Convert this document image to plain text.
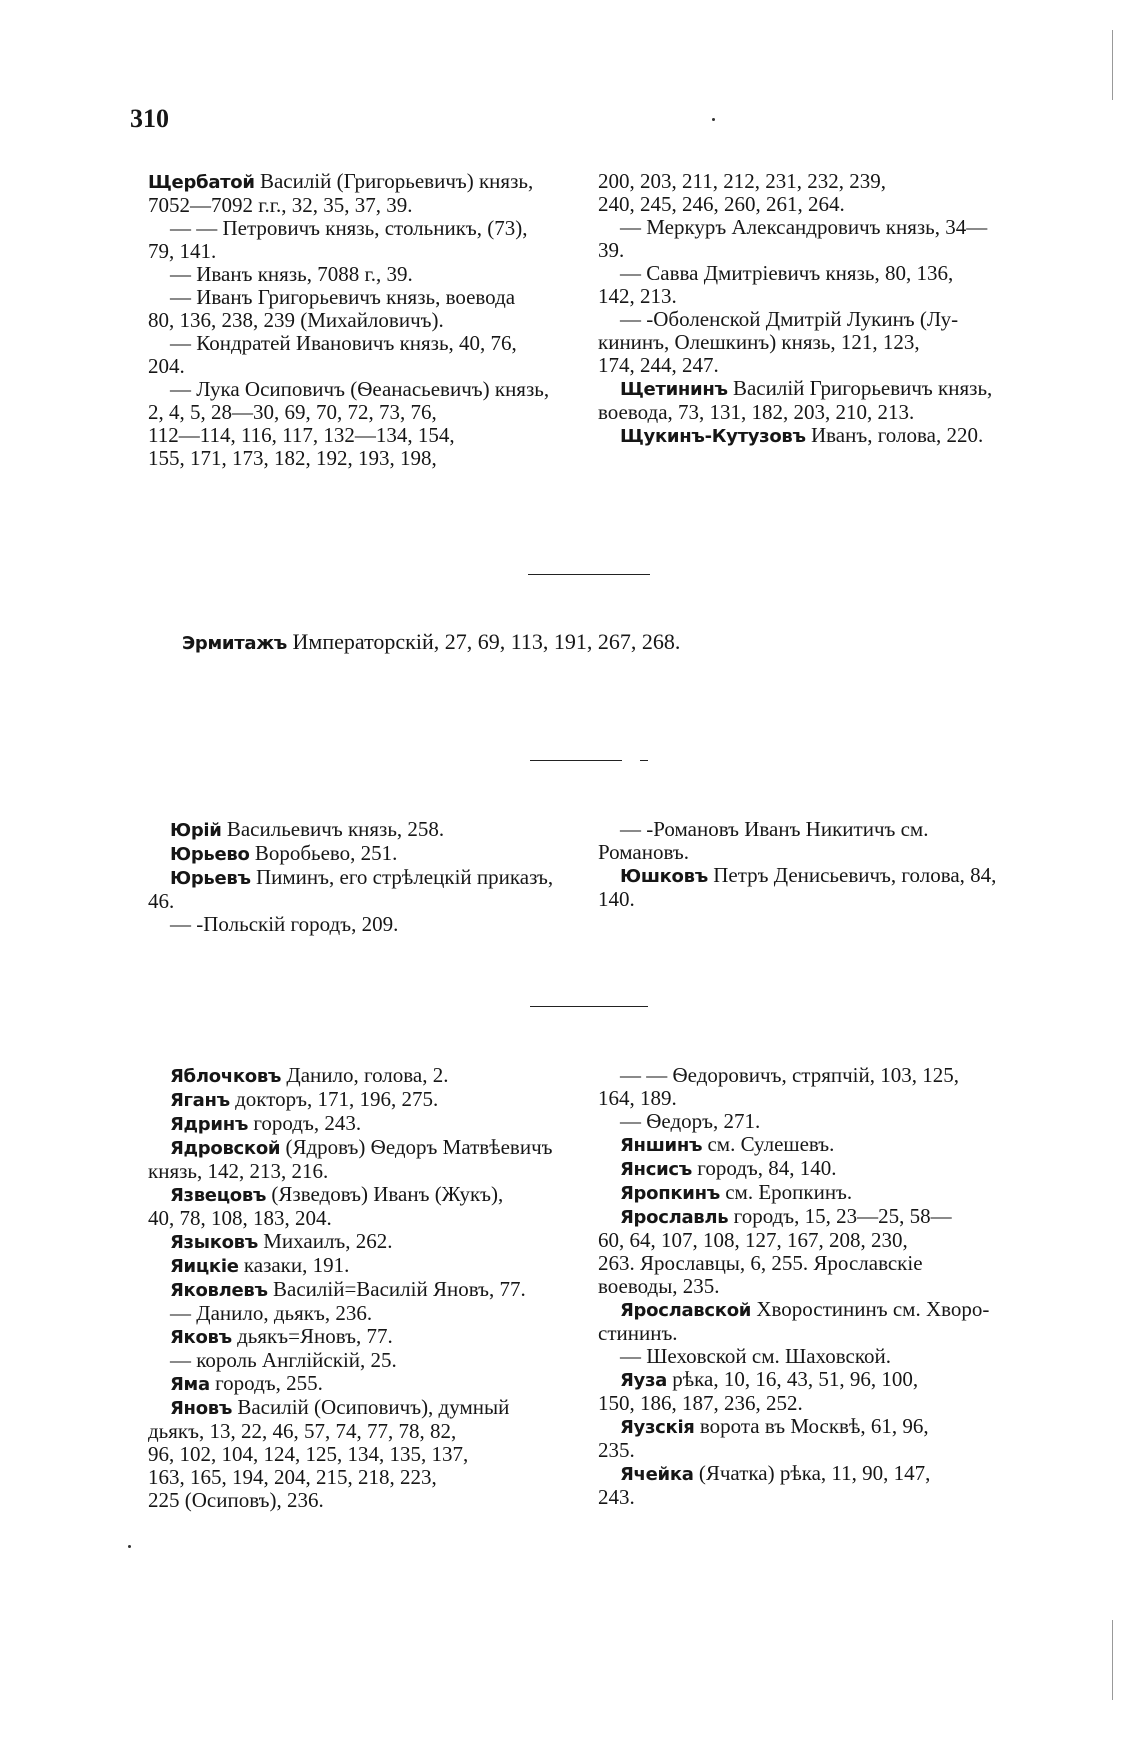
310
Щербатой Василій (Григорьевичъ) князь,
7052—7092 г.г., 32, 35, 37, 39.
— — Петровичъ князь, стольникъ, (73),
79, 141.
— Иванъ князь, 7088 г., 39.
— Иванъ Григорьевичъ князь, воевода
80, 136, 238, 239 (Михайловичъ).
— Кондратей Ивановичъ князь, 40, 76,
204.
— Лука Осиповичъ (Ѳеанасьевичъ) князь,
2, 4, 5, 28—30, 69, 70, 72, 73, 76,
112—114, 116, 117, 132—134, 154,
155, 171, 173, 182, 192, 193, 198,
200, 203, 211, 212, 231, 232, 239,
240, 245, 246, 260, 261, 264.
— Меркуръ Александровичъ князь, 34—
39.
— Савва Дмитріевичъ князь, 80, 136,
142, 213.
— -Оболенской Дмитрій Лукинъ (Лу-
кининъ, Олешкинъ) князь, 121, 123,
174, 244, 247.
Щетининъ Василій Григорьевичъ князь,
воевода, 73, 131, 182, 203, 210, 213.
Щукинъ-Кутузовъ Иванъ, голова, 220.
Эрмитажъ Императорскій, 27, 69, 113, 191, 267, 268.
Юрій Васильевичъ князь, 258.
Юрьево Воробьево, 251.
Юрьевъ Пиминъ, его стрѣлецкій приказъ,
46.
— -Польскій городъ, 209.
— -Романовъ Иванъ Никитичъ см.
Романовъ.
Юшковъ Петръ Денисьевичъ, голова, 84,
140.
Яблочковъ Данило, голова, 2.
Яганъ докторъ, 171, 196, 275.
Ядринъ городъ, 243.
Ядровской (Ядровъ) Ѳедоръ Матвѣевичъ
князь, 142, 213, 216.
Язвецовъ (Язведовъ) Иванъ (Жукъ),
40, 78, 108, 183, 204.
Языковъ Михаилъ, 262.
Яицкіе казаки, 191.
Яковлевъ Василій=Василій Яновъ, 77.
— Данило, дьякъ, 236.
Яковъ дьякъ=Яновъ, 77.
— король Англійскій, 25.
Яма городъ, 255.
Яновъ Василій (Осиповичъ), думный
дьякъ, 13, 22, 46, 57, 74, 77, 78, 82,
96, 102, 104, 124, 125, 134, 135, 137,
163, 165, 194, 204, 215, 218, 223,
225 (Осиповъ), 236.
— — Ѳедоровичъ, стряпчій, 103, 125,
164, 189.
— Ѳедоръ, 271.
Яншинъ см. Сулешевъ.
Янсисъ городъ, 84, 140.
Яропкинъ см. Еропкинъ.
Ярославль городъ, 15, 23—25, 58—
60, 64, 107, 108, 127, 167, 208, 230,
263. Ярославцы, 6, 255. Ярославскіе
воеводы, 235.
Ярославской Хворостининъ см. Хворо-
стининъ.
— Шеховской см. Шаховской.
Яуза рѣка, 10, 16, 43, 51, 96, 100,
150, 186, 187, 236, 252.
Яузскія ворота въ Москвѣ, 61, 96,
235.
Ячейка (Ячатка) рѣка, 11, 90, 147,
243.
